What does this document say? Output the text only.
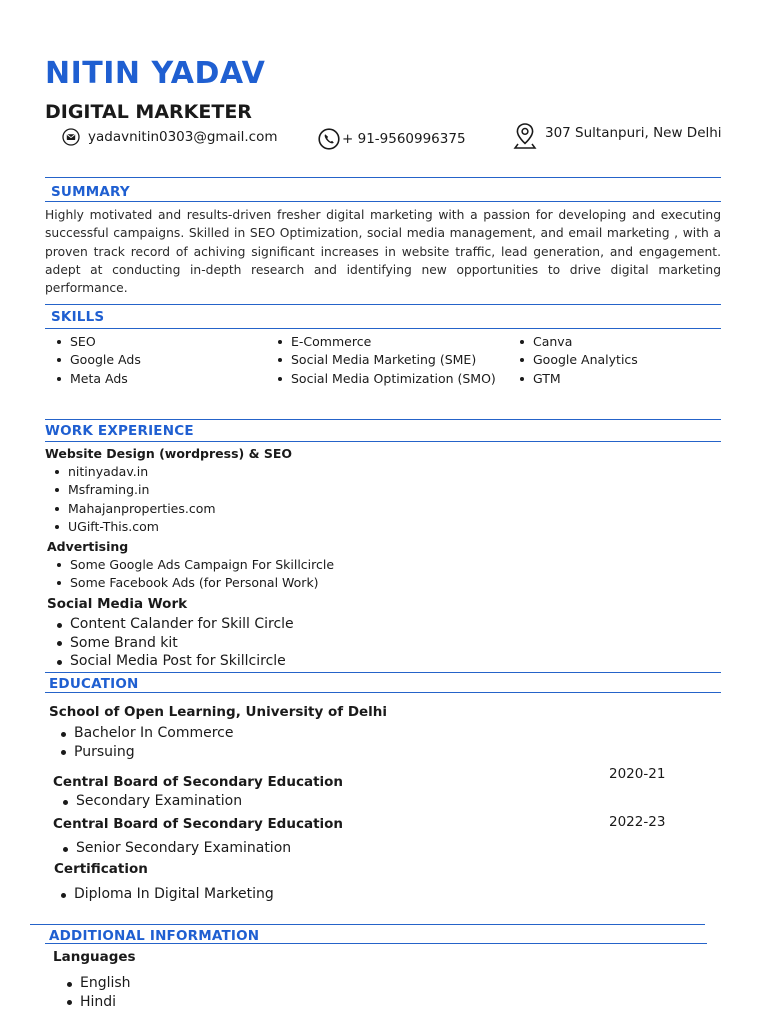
NITIN YADAV
DIGITAL MARKETER
yadavnitin0303@gmail.com	+ 91-9560996375	307 Sultanpuri, New Delhi
SUMMARY
Highly motivated and results-driven fresher digital marketing with a passion for developing and executing successful campaigns. Skilled in SEO Optimization, social media management, and email marketing , with a proven track record of achiving significant increases in website traffic, lead generation, and engagement. adept at conducting in-depth research and identifying new opportunities to drive digital marketing performance.
SKILLS
SEO
Google Ads
Meta Ads
E-Commerce
Social Media Marketing (SME)
Social Media Optimization (SMO)
Canva
Google Analytics
GTM
WORK EXPERIENCE
Website Design (wordpress) & SEO
nitinyadav.in
Msframing.in
Mahajanproperties.com
UGift-This.com
Advertising
Some Google Ads Campaign For Skillcircle
Some Facebook Ads (for Personal Work)
Social Media Work
Content Calander for Skill Circle
Some Brand kit
Social Media Post for Skillcircle
EDUCATION
School of Open Learning, University of Delhi
Bachelor In Commerce
Pursuing
Central Board of Secondary Education	2020-21
Secondary Examination
Central Board of Secondary Education	2022-23
Senior Secondary Examination
Certification
Diploma In Digital Marketing
ADDITIONAL INFORMATION
Languages
English
Hindi
